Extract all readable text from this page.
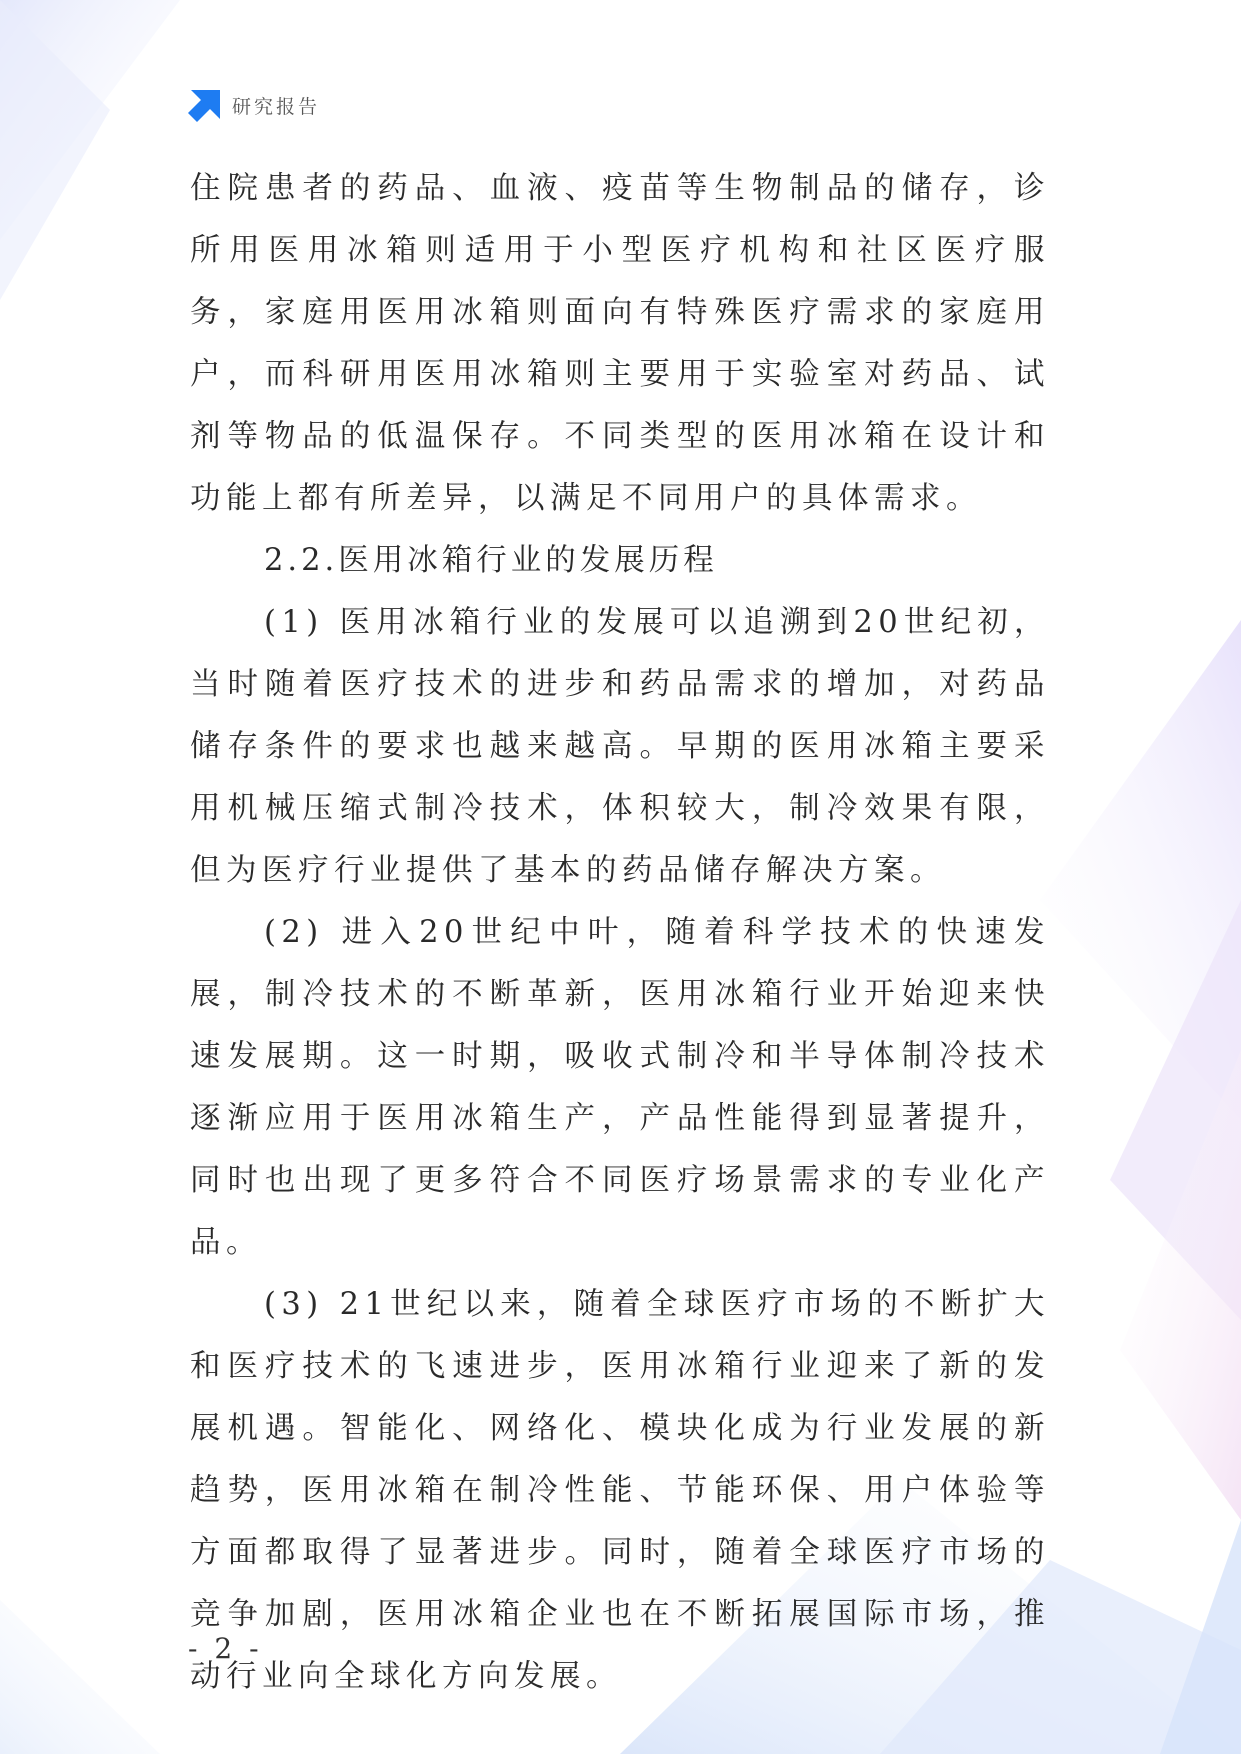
研究报告

住院患者的药品、血液、疫苗等生物制品的储存，诊所用医用冰箱则适用于小型医疗机构和社区医疗服务，家庭用医用冰箱则面向有特殊医疗需求的家庭用户，而科研用医用冰箱则主要用于实验室对药品、试剂等物品的低温保存。不同类型的医用冰箱在设计和功能上都有所差异，以满足不同用户的具体需求。

2.2.医用冰箱行业的发展历程

(1) 医用冰箱行业的发展可以追溯到20世纪初，当时随着医疗技术的进步和药品需求的增加，对药品储存条件的要求也越来越高。早期的医用冰箱主要采用机械压缩式制冷技术，体积较大，制冷效果有限，但为医疗行业提供了基本的药品储存解决方案。

(2) 进入20世纪中叶，随着科学技术的快速发展，制冷技术的不断革新，医用冰箱行业开始迎来快速发展期。这一时期，吸收式制冷和半导体制冷技术逐渐应用于医用冰箱生产，产品性能得到显著提升，同时也出现了更多符合不同医疗场景需求的专业化产品。

(3) 21世纪以来，随着全球医疗市场的不断扩大和医疗技术的飞速进步，医用冰箱行业迎来了新的发展机遇。智能化、网络化、模块化成为行业发展的新趋势，医用冰箱在制冷性能、节能环保、用户体验等方面都取得了显著进步。同时，随着全球医疗市场的竞争加剧，医用冰箱企业也在不断拓展国际市场，推动行业向全球化方向发展。

- 2 -
